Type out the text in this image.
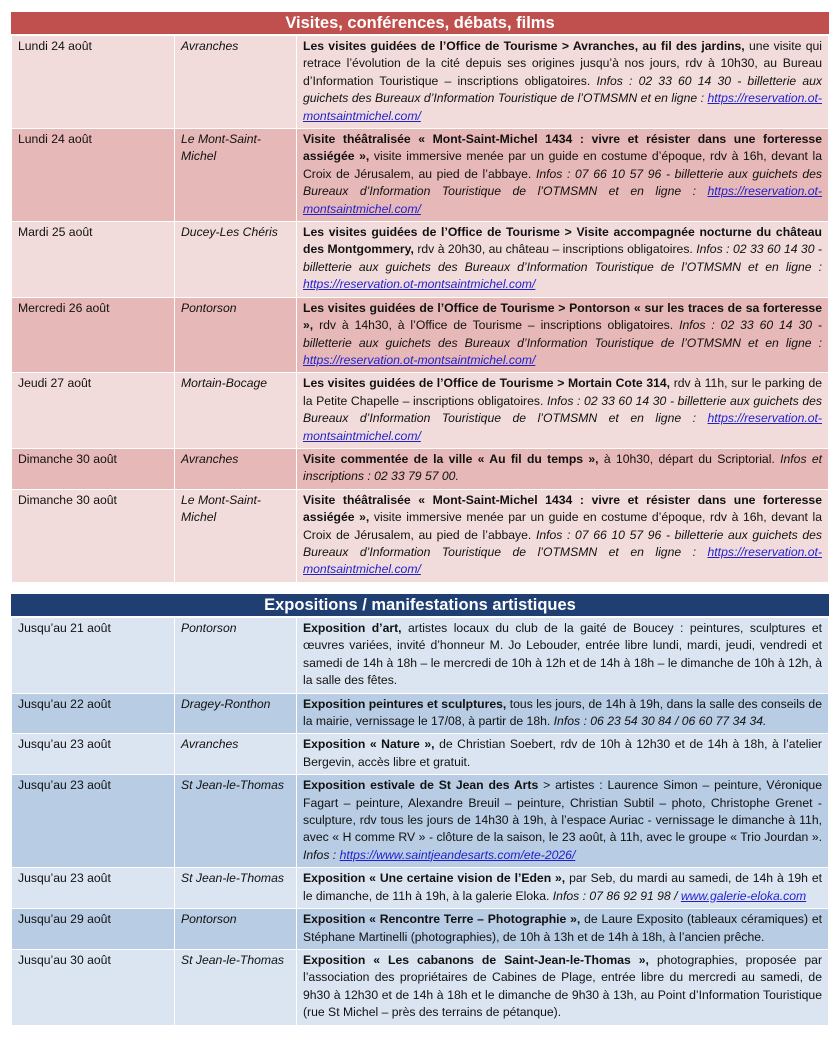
Visites, conférences, débats, films
Lundi 24 août	Avranches	Les visites guidées de l’Office de Tourisme > Avranches, au fil des jardins, une visite qui retrace l’évolution de la cité depuis ses origines jusqu’à nos jours, rdv à 10h30, au Bureau d’Information Touristique – inscriptions obligatoires. Infos : 02 33 60 14 30 - billetterie aux guichets des Bureaux d’Information Touristique de l’OTMSMN et en ligne : https://reservation.ot-montsaintmichel.com/
Lundi 24 août	Le Mont-Saint-Michel	Visite théâtralisée « Mont-Saint-Michel 1434 : vivre et résister dans une forteresse assiégée », visite immersive menée par un guide en costume d’époque, rdv à 16h, devant la Croix de Jérusalem, au pied de l’abbaye. Infos : 07 66 10 57 96 - billetterie aux guichets des Bureaux d’Information Touristique de l’OTMSMN et en ligne : https://reservation.ot-montsaintmichel.com/
Mardi 25 août	Ducey-Les Chéris	Les visites guidées de l’Office de Tourisme > Visite accompagnée nocturne du château des Montgommery, rdv à 20h30, au château – inscriptions obligatoires. Infos : 02 33 60 14 30 - billetterie aux guichets des Bureaux d’Information Touristique de l’OTMSMN et en ligne : https://reservation.ot-montsaintmichel.com/
Mercredi 26 août	Pontorson	Les visites guidées de l’Office de Tourisme > Pontorson « sur les traces de sa forteresse », rdv à 14h30, à l’Office de Tourisme – inscriptions obligatoires. Infos : 02 33 60 14 30 - billetterie aux guichets des Bureaux d’Information Touristique de l’OTMSMN et en ligne : https://reservation.ot-montsaintmichel.com/
Jeudi 27 août	Mortain-Bocage	Les visites guidées de l’Office de Tourisme > Mortain Cote 314, rdv à 11h, sur le parking de la Petite Chapelle – inscriptions obligatoires. Infos : 02 33 60 14 30 - billetterie aux guichets des Bureaux d’Information Touristique de l’OTMSMN et en ligne : https://reservation.ot-montsaintmichel.com/
Dimanche 30 août	Avranches	Visite commentée de la ville « Au fil du temps », à 10h30, départ du Scriptorial. Infos et inscriptions : 02 33 79 57 00.
Dimanche 30 août	Le Mont-Saint-Michel	Visite théâtralisée « Mont-Saint-Michel 1434 : vivre et résister dans une forteresse assiégée », visite immersive menée par un guide en costume d’époque, rdv à 16h, devant la Croix de Jérusalem, au pied de l’abbaye. Infos : 07 66 10 57 96 - billetterie aux guichets des Bureaux d’Information Touristique de l’OTMSMN et en ligne : https://reservation.ot-montsaintmichel.com/
Expositions / manifestations artistiques
Jusqu’au 21 août	Pontorson	Exposition d’art, artistes locaux du club de la gaité de Boucey : peintures, sculptures et œuvres variées, invité d’honneur M. Jo Lebouder, entrée libre lundi, mardi, jeudi, vendredi et samedi de 14h à 18h – le mercredi de 10h à 12h et de 14h à 18h – le dimanche de 10h à 12h, à la salle des fêtes.
Jusqu’au 22 août	Dragey-Ronthon	Exposition peintures et sculptures, tous les jours, de 14h à 19h, dans la salle des conseils de la mairie, vernissage le 17/08, à partir de 18h. Infos : 06 23 54 30 84 / 06 60 77 34 34.
Jusqu’au 23 août	Avranches	Exposition « Nature », de Christian Soebert, rdv de 10h à 12h30 et de 14h à 18h, à l’atelier Bergevin, accès libre et gratuit.
Jusqu’au 23 août	St Jean-le-Thomas	Exposition estivale de St Jean des Arts > artistes : Laurence Simon – peinture, Véronique Fagart – peinture, Alexandre Breuil – peinture, Christian Subtil – photo, Christophe Grenet - sculpture, rdv tous les jours de 14h30 à 19h, à l’espace Auriac - vernissage le dimanche à 11h, avec « H comme RV » - clôture de la saison, le 23 août, à 11h, avec le groupe « Trio Jourdan ». Infos : https://www.saintjeandesarts.com/ete-2026/
Jusqu’au 23 août	St Jean-le-Thomas	Exposition « Une certaine vision de l’Eden », par Seb, du mardi au samedi, de 14h à 19h et le dimanche, de 11h à 19h, à la galerie Eloka. Infos : 07 86 92 91 98 / www.galerie-eloka.com
Jusqu’au 29 août	Pontorson	Exposition « Rencontre Terre – Photographie », de Laure Exposito (tableaux céramiques) et Stéphane Martinelli (photographies), de 10h à 13h et de 14h à 18h, à l’ancien prêche.
Jusqu’au 30 août	St Jean-le-Thomas	Exposition « Les cabanons de Saint-Jean-le-Thomas », photographies, proposée par l’association des propriétaires de Cabines de Plage, entrée libre du mercredi au samedi, de 9h30 à 12h30 et de 14h à 18h et le dimanche de 9h30 à 13h, au Point d’Information Touristique (rue St Michel – près des terrains de pétanque).
